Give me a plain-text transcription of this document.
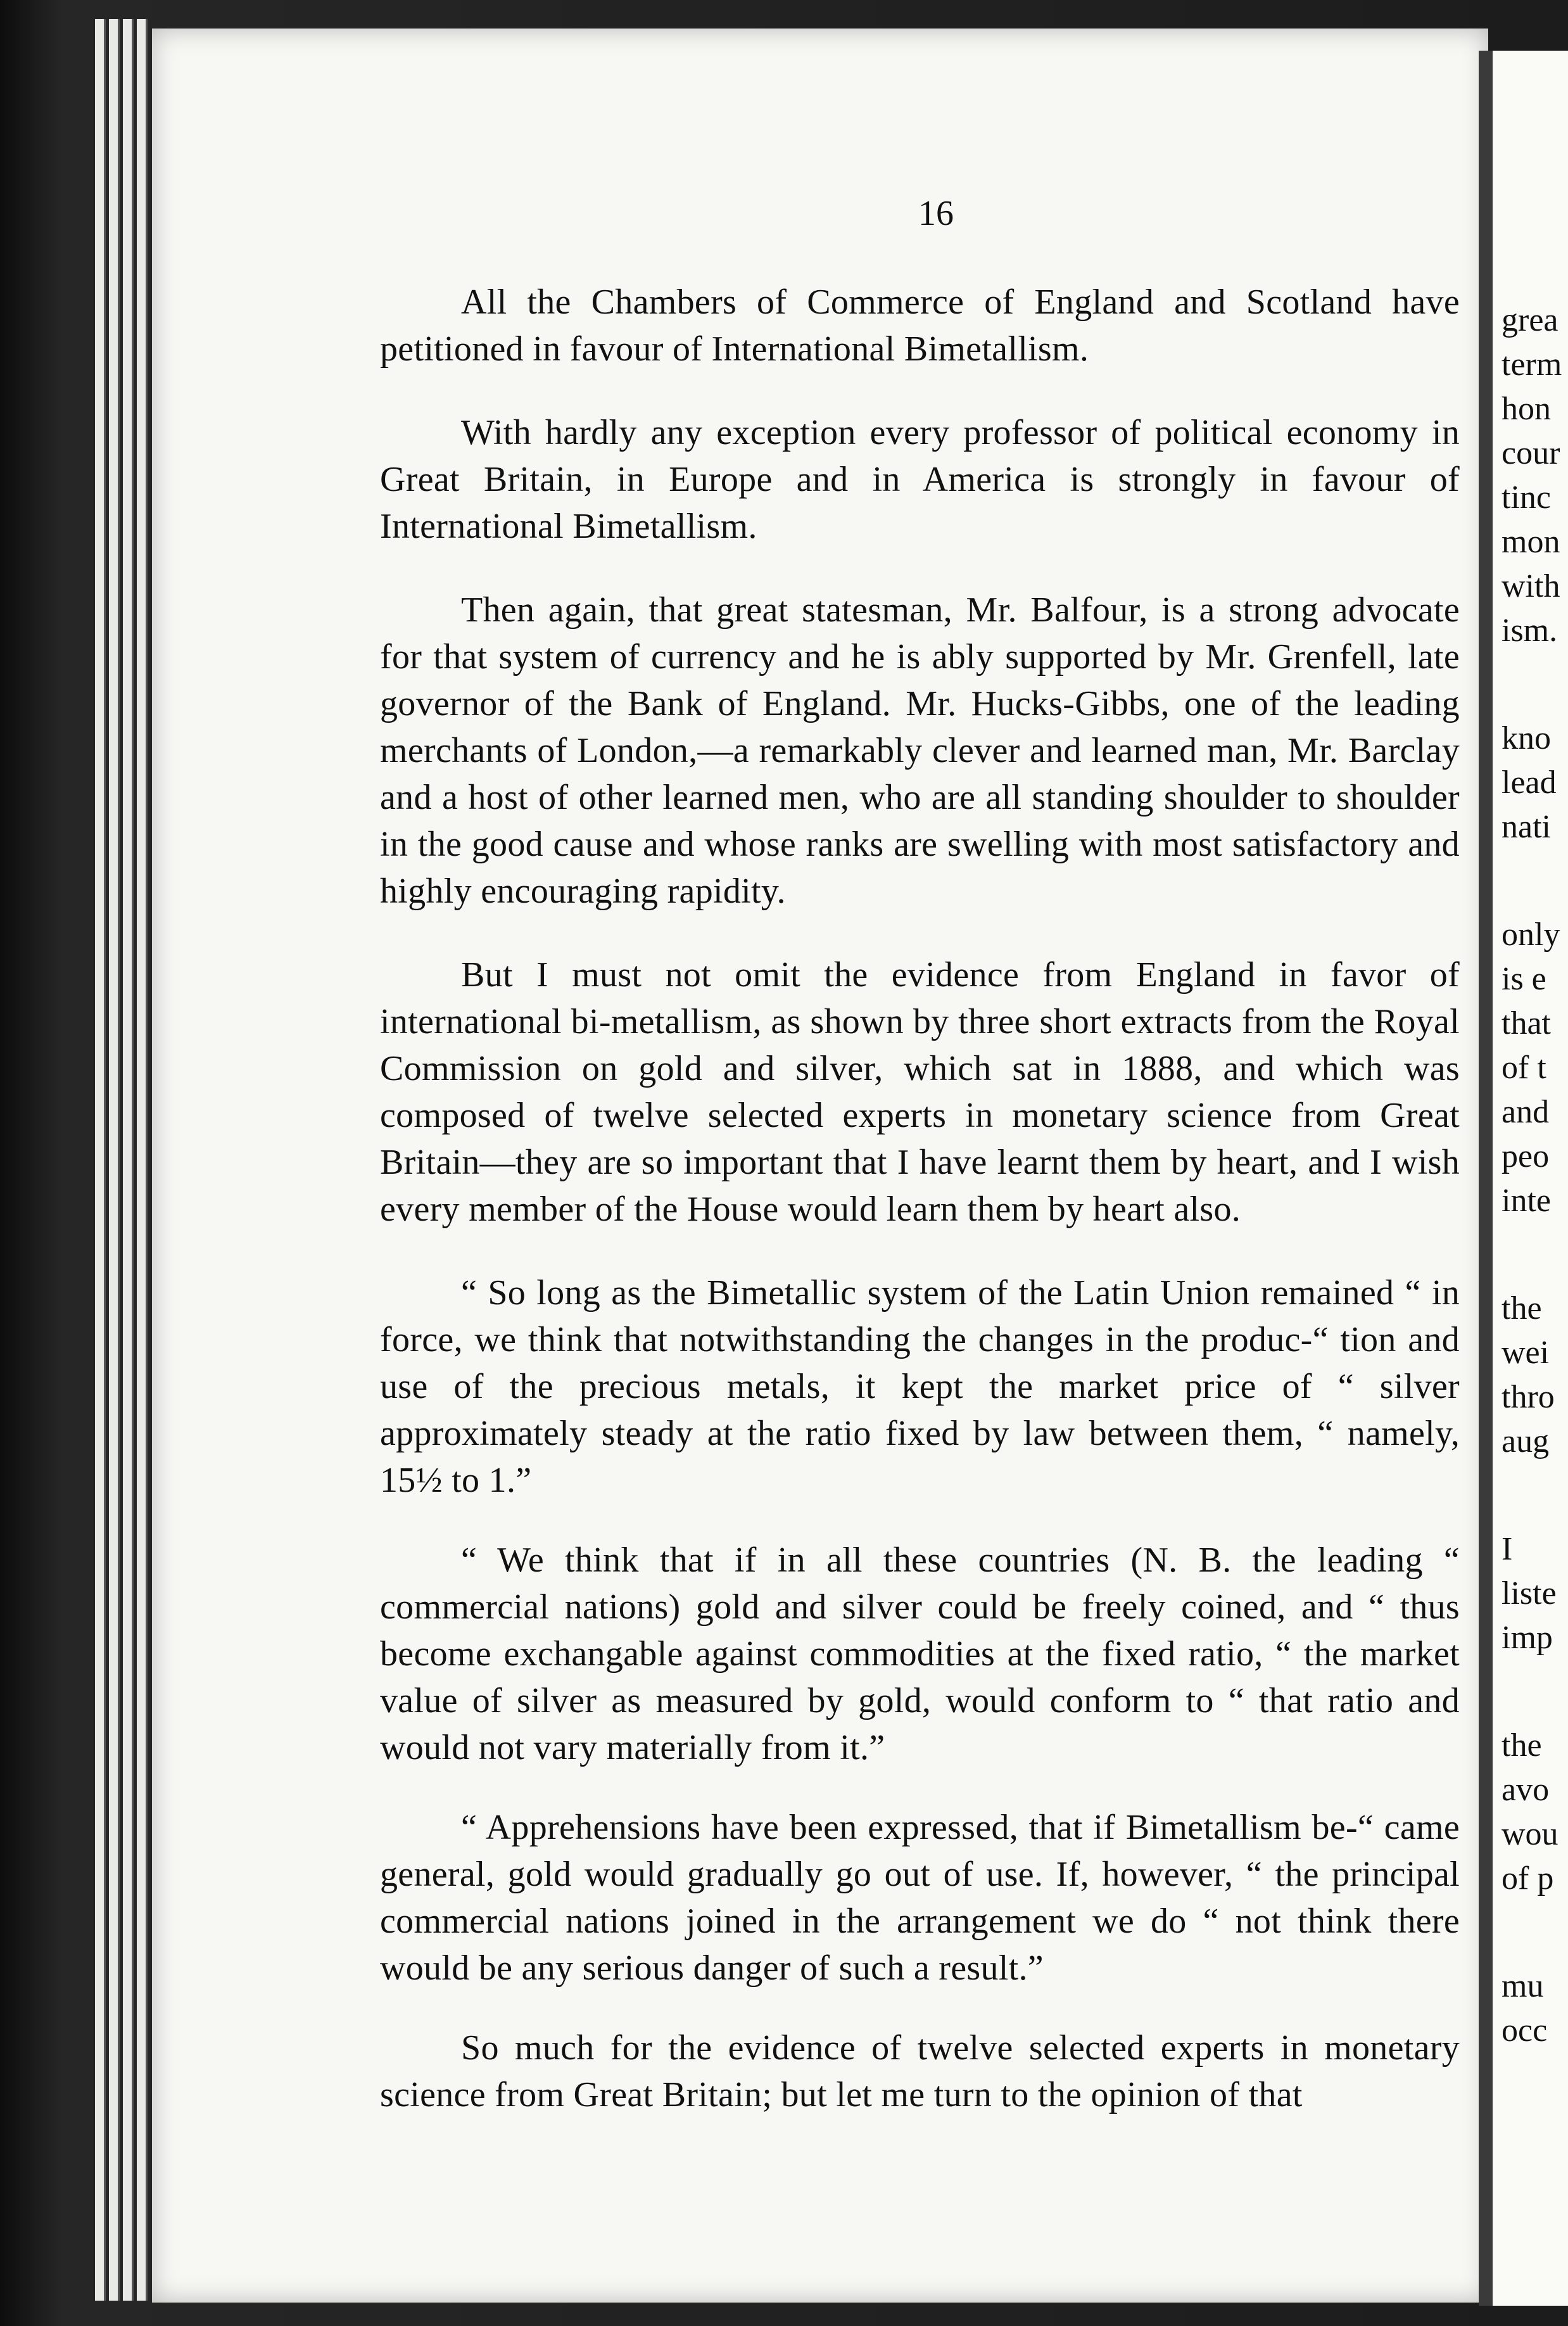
16

All the Chambers of Commerce of England and Scotland have petitioned in favour of International Bimetallism.

With hardly any exception every professor of political economy in Great Britain, in Europe and in America is strongly in favour of International Bimetallism.

Then again, that great statesman, Mr. Balfour, is a strong advocate for that system of currency and he is ably supported by Mr. Grenfell, late governor of the Bank of England. Mr. Hucks-Gibbs, one of the leading merchants of London,—a remarkably clever and learned man, Mr. Barclay and a host of other learned men, who are all standing shoulder to shoulder in the good cause and whose ranks are swelling with most satisfactory and highly encouraging rapidity.

But I must not omit the evidence from England in favor of international bi-metallism, as shown by three short extracts from the Royal Commission on gold and silver, which sat in 1888, and which was composed of twelve selected experts in monetary science from Great Britain—they are so important that I have learnt them by heart, and I wish every member of the House would learn them by heart also.

“ So long as the Bimetallic system of the Latin Union remained “ in force, we think that notwithstanding the changes in the produc-“ tion and use of the precious metals, it kept the market price of “ silver approximately steady at the ratio fixed by law between them, “ namely, 15½ to 1.”

“ We think that if in all these countries (N. B. the leading “ commercial nations) gold and silver could be freely coined, and “ thus become exchangable against commodities at the fixed ratio, “ the market value of silver as measured by gold, would conform to “ that ratio and would not vary materially from it.”

“ Apprehensions have been expressed, that if Bimetallism be-“ came general, gold would gradually go out of use. If, however, “ the principal commercial nations joined in the arrangement we do “ not think there would be any serious danger of such a result.”

So much for the evidence of twelve selected experts in monetary science from Great Britain; but let me turn to the opinion of that

grea
term
hon
cour
tinc
mon
with
ism.
kno
lead
nati
only
is e
that
of t
and
peo
inte
the
wei
thro
aug
I
liste
imp
the
avo
wou
of p
mu
occ
